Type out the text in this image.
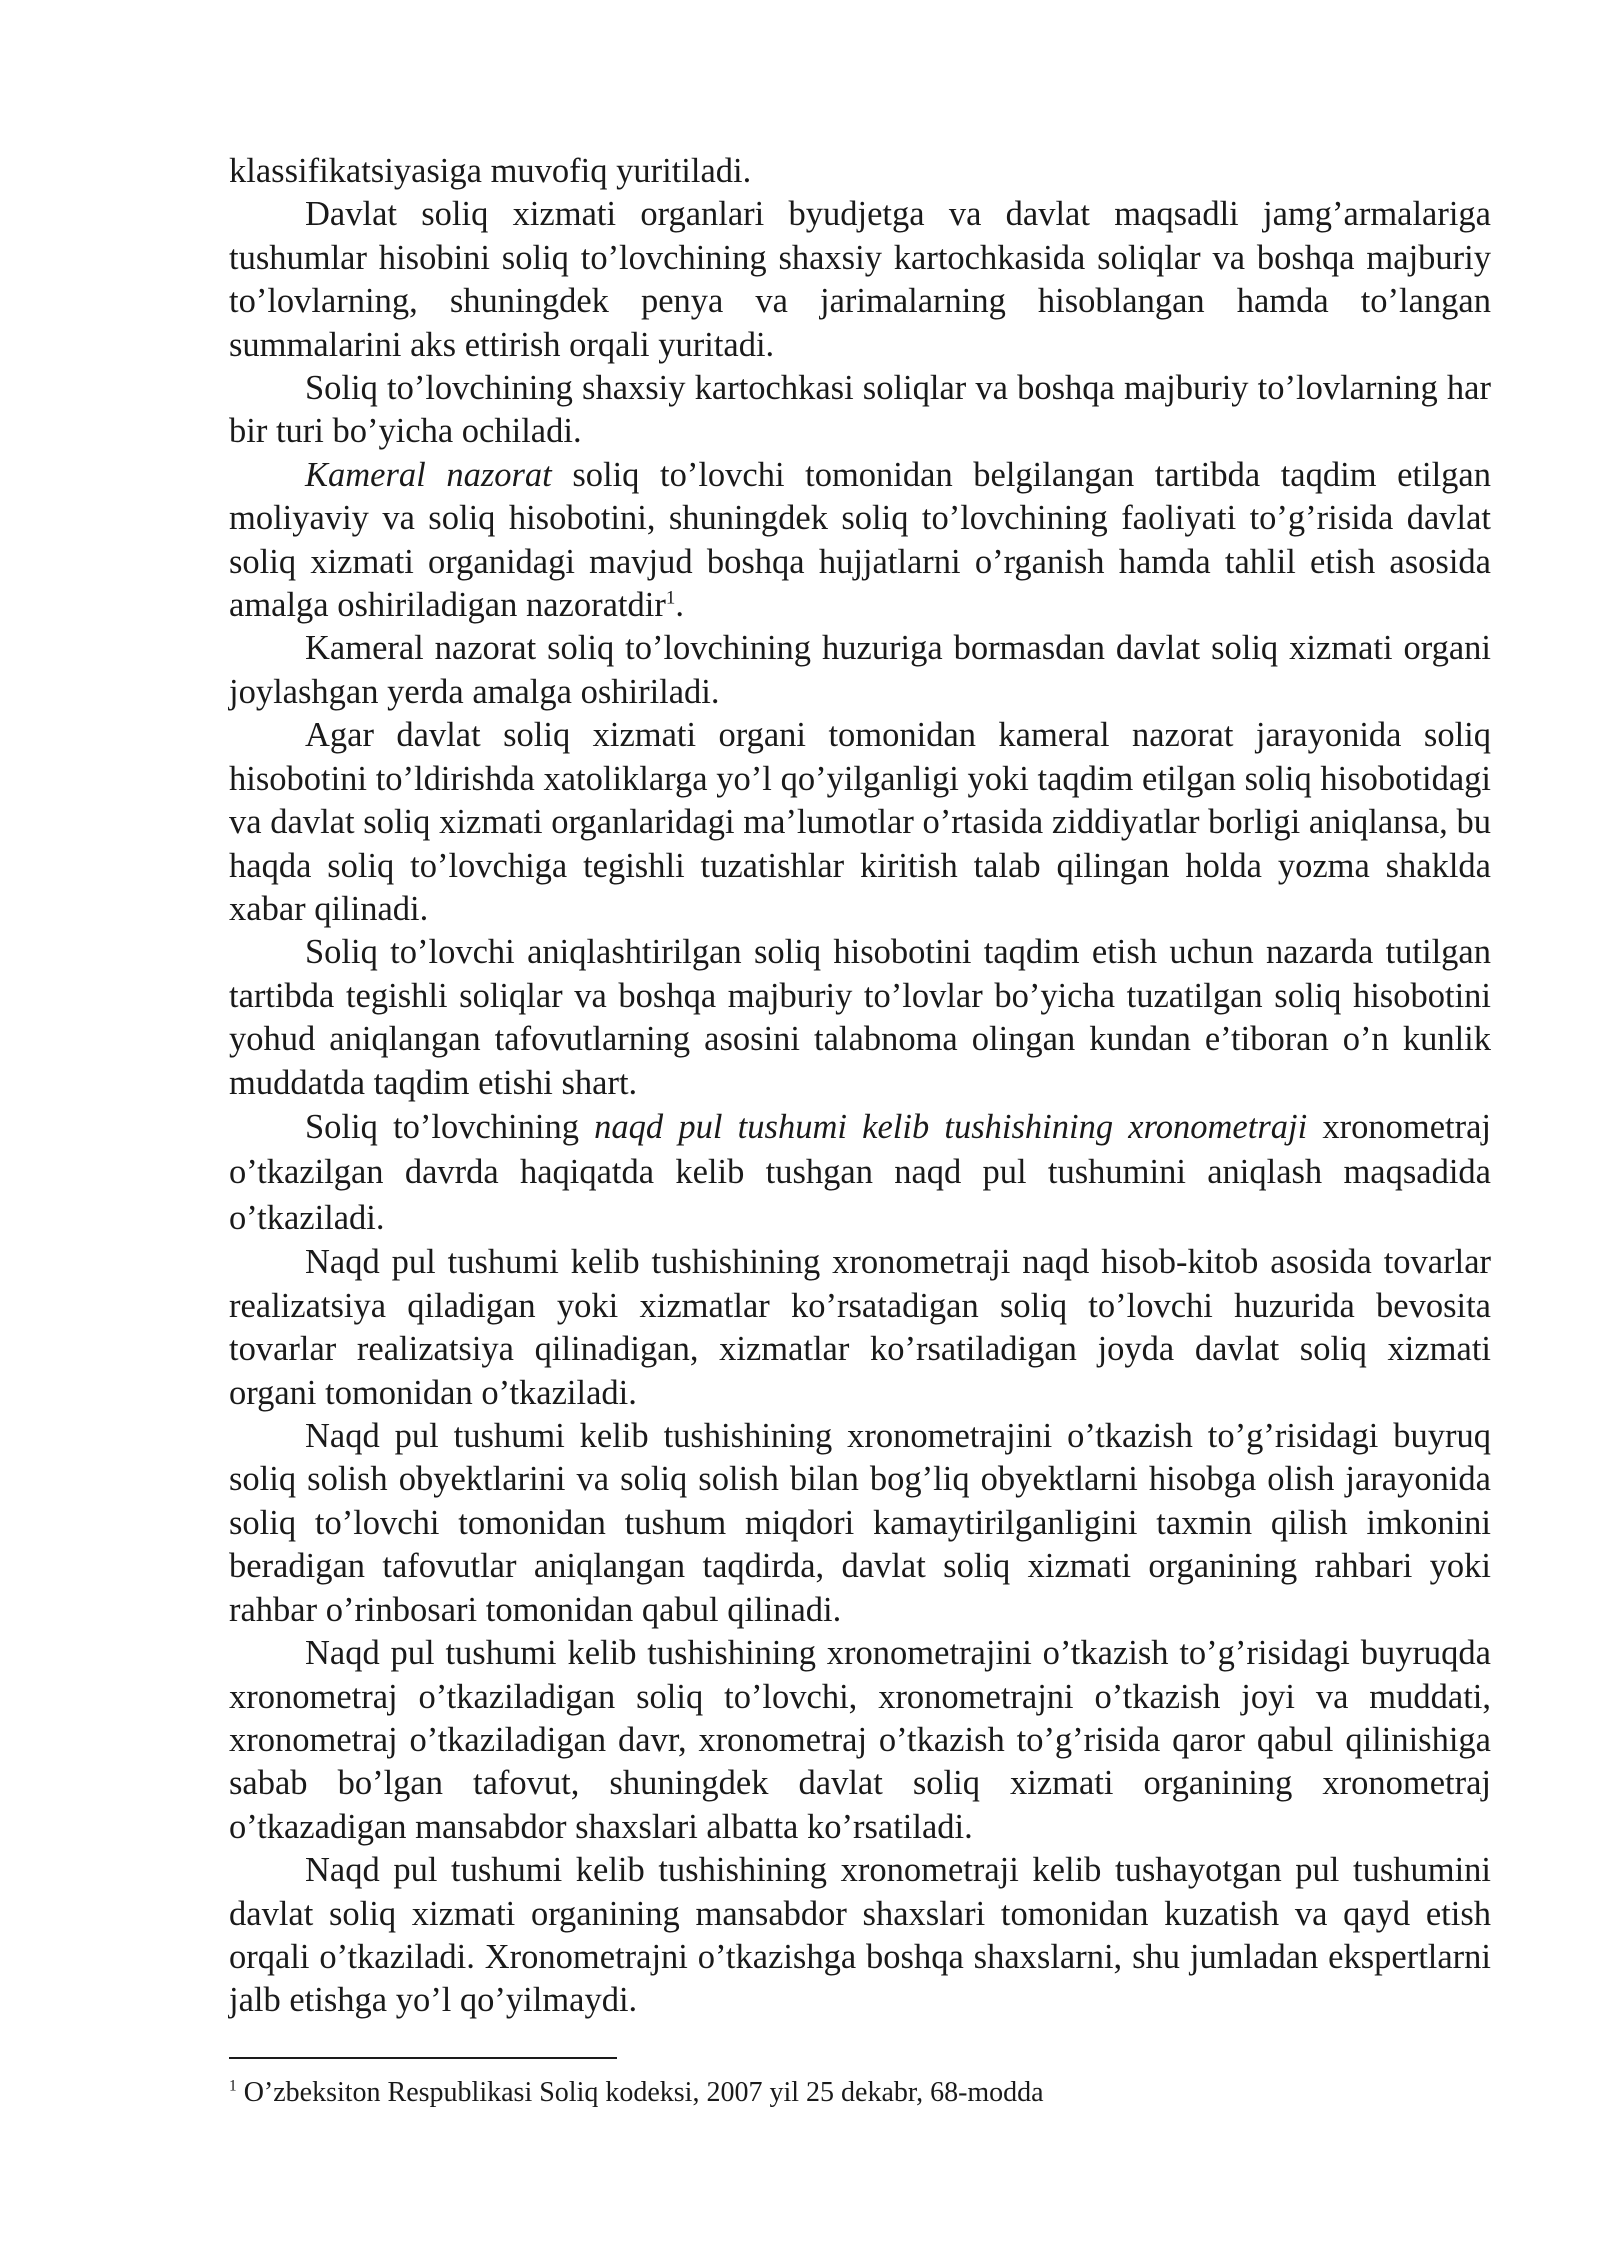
klassifikatsiyasiga muvofiq yuritiladi.

Davlat soliq xizmati organlari byudjetga va davlat maqsadli jamg’armalariga tushumlar hisobini soliq to’lovchining shaxsiy kartochkasida soliqlar va boshqa majburiy to’lovlarning, shuningdek penya va jarimalarning hisoblangan hamda to’langan summalarini aks ettirish orqali yuritadi.

Soliq to’lovchining shaxsiy kartochkasi soliqlar va boshqa majburiy to’lovlarning har bir turi bo’yicha ochiladi.

Kameral nazorat soliq to’lovchi tomonidan belgilangan tartibda taqdim etilgan moliyaviy va soliq hisobotini, shuningdek soliq to’lovchining faoliyati to’g’risida davlat soliq xizmati organidagi mavjud boshqa hujjatlarni o’rganish hamda tahlil etish asosida amalga oshiriladigan nazoratdir$^1$.

Kameral nazorat soliq to’lovchining huzuriga bormasdan davlat soliq xizmati organi joylashgan yerda amalga oshiriladi.

Agar davlat soliq xizmati organi tomonidan kameral nazorat jarayonida soliq hisobotini to’ldirishda xatoliklarga yo’l qo’yilganligi yoki taqdim etilgan soliq hisobotidagi va davlat soliq xizmati organlaridagi ma’lumotlar o’rtasida ziddiyatlar borligi aniqlansa, bu haqda soliq to’lovchiga tegishli tuzatishlar kiritish talab qilingan holda yozma shaklda xabar qilinadi.

Soliq to’lovchi aniqlashtirilgan soliq hisobotini taqdim etish uchun nazarda tutilgan tartibda tegishli soliqlar va boshqa majburiy to’lovlar bo’yicha tuzatilgan soliq hisobotini yohud aniqlangan tafovutlarning asosini talabnoma olingan kundan e’tiboran o’n kunlik muddatda taqdim etishi shart.

Soliq to’lovchining naqd pul tushumi kelib tushishining xronometraji xronometraj o’tkazilgan davrda haqiqatda kelib tushgan naqd pul tushumini aniqlash maqsadida o’tkaziladi.

Naqd pul tushumi kelib tushishining xronometraji naqd hisob-kitob asosida tovarlar realizatsiya qiladigan yoki xizmatlar ko’rsatadigan soliq to’lovchi huzurida bevosita tovarlar realizatsiya qilinadigan, xizmatlar ko’rsatiladigan joyda davlat soliq xizmati organi tomonidan o’tkaziladi.

Naqd pul tushumi kelib tushishining xronometrajini o’tkazish to’g’risidagi buyruq soliq solish obyektlarini va soliq solish bilan bog’liq obyektlarni hisobga olish jarayonida soliq to’lovchi tomonidan tushum miqdori kamaytirilganligini taxmin qilish imkonini beradigan tafovutlar aniqlangan taqdirda, davlat soliq xizmati organining rahbari yoki rahbar o’rinbosari tomonidan qabul qilinadi.

Naqd pul tushumi kelib tushishining xronometrajini o’tkazish to’g’risidagi buyruqda xronometraj o’tkaziladigan soliq to’lovchi, xronometrajni o’tkazish joyi va muddati, xronometraj o’tkaziladigan davr, xronometraj o’tkazish to’g’risida qaror qabul qilinishiga sabab bo’lgan tafovut, shuningdek davlat soliq xizmati organining xronometraj o’tkazadigan mansabdor shaxslari albatta ko’rsatiladi.

Naqd pul tushumi kelib tushishining xronometraji kelib tushayotgan pul tushumini davlat soliq xizmati organining mansabdor shaxslari tomonidan kuzatish va qayd etish orqali o’tkaziladi. Xronometrajni o’tkazishga boshqa shaxslarni, shu jumladan ekspertlarni jalb etishga yo’l qo’yilmaydi.

$^1$ O’zbeksiton Respublikasi Soliq kodeksi, 2007 yil 25 dekabr, 68-modda
